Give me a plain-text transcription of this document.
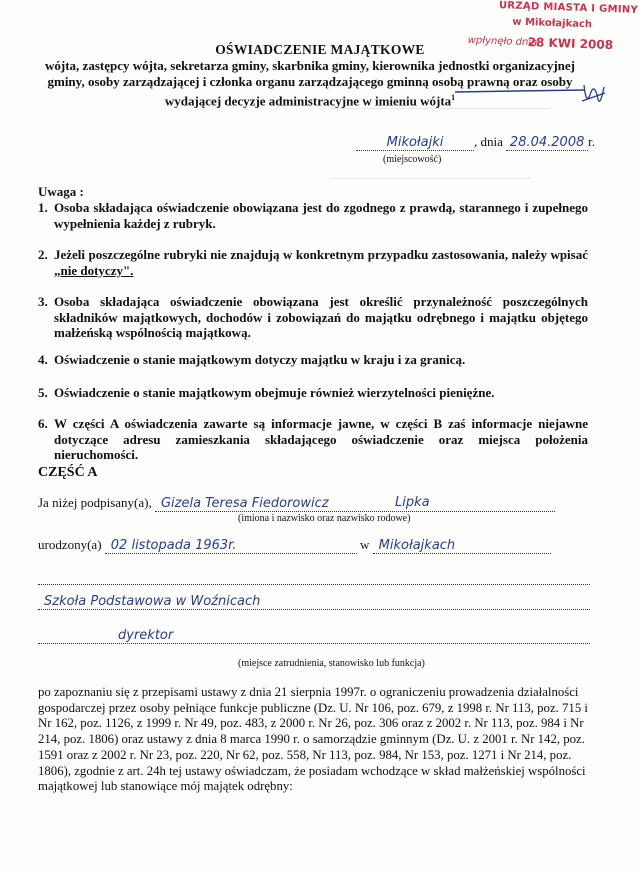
URZĄD MIASTA I GMINY
w Mikołajkach
wpłynęło dnia
28 KWI 2008
OŚWIADCZENIE MAJĄTKOWE
wójta, zastępcy wójta, sekretarza gminy, skarbnika gminy, kierownika jednostki organizacyjnej gminy, osoby zarządzającej i członka organu zarządzającego gminną osobą prawną oraz osoby wydającej decyzje administracyjne w imieniu wójta$^1$
Mikołajki , dnia 28.04.2008 r.
(miejscowość)
Uwaga :
1. Osoba składająca oświadczenie obowiązana jest do zgodnego z prawdą, starannego i zupełnego wypełnienia każdej z rubryk.
2. Jeżeli poszczególne rubryki nie znajdują w konkretnym przypadku zastosowania, należy wpisać „nie dotyczy".
3. Osoba składająca oświadczenie obowiązana jest określić przynależność poszczególnych składników majątkowych, dochodów i zobowiązań do majątku odrębnego i majątku objętego małżeńską wspólnością majątkową.
4. Oświadczenie o stanie majątkowym dotyczy majątku w kraju i za granicą.
5. Oświadczenie o stanie majątkowym obejmuje również wierzytelności pieniężne.
6. W części A oświadczenia zawarte są informacje jawne, w części B zaś informacje niejawne dotyczące adresu zamieszkania składającego oświadczenie oraz miejsca położenia nieruchomości.
CZĘŚĆ A
Ja niżej podpisany(a), Gizela Teresa Fiedorowicz	Lipka
(imiona i nazwisko oraz nazwisko rodowe)
urodzony(a) 02 listopada 1963r.	w Mikołajkach
Szkoła Podstawowa w Woźnicach
dyrektor
(miejsce zatrudnienia, stanowisko lub funkcja)
po zapoznaniu się z przepisami ustawy z dnia 21 sierpnia 1997r. o ograniczeniu prowadzenia działalności gospodarczej przez osoby pełniące funkcje publiczne (Dz. U. Nr 106, poz. 679, z 1998 r. Nr 113, poz. 715 i Nr 162, poz. 1126, z 1999 r. Nr 49, poz. 483, z 2000 r. Nr 26, poz. 306 oraz z 2002 r. Nr 113, poz. 984 i Nr 214, poz. 1806) oraz ustawy z dnia 8 marca 1990 r. o samorządzie gminnym (Dz. U. z 2001 r. Nr 142, poz. 1591 oraz z 2002 r. Nr 23, poz. 220, Nr 62, poz. 558, Nr 113, poz. 984, Nr 153, poz. 1271 i Nr 214, poz. 1806), zgodnie z art. 24h tej ustawy oświadczam, że posiadam wchodzące w skład małżeńskiej wspólności majątkowej lub stanowiące mój majątek odrębny:
